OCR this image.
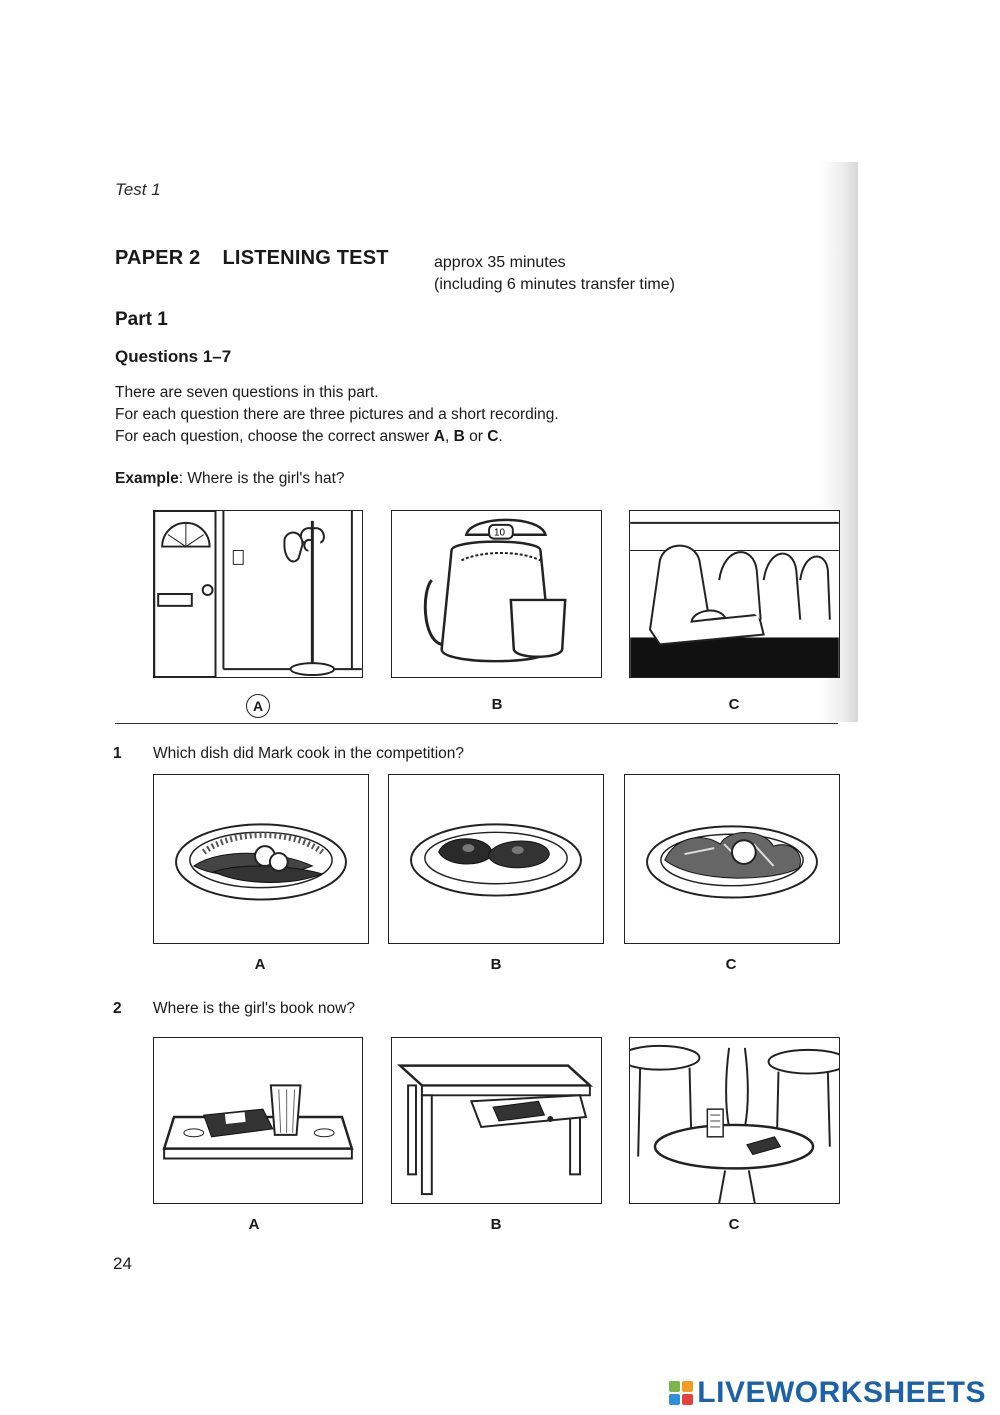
Test 1
PAPER 2 LISTENING TEST	approx 35 minutes
(including 6 minutes transfer time)
Part 1
Questions 1–7
There are seven questions in this part.
For each question there are three pictures and a short recording.
For each question, choose the correct answer A, B or C.
Example: Where is the girl's hat?
10
A	B	C
1 Which dish did Mark cook in the competition?
A	B	C
2 Where is the girl's book now?
A	B	C
24
LIVEWORKSHEETS
